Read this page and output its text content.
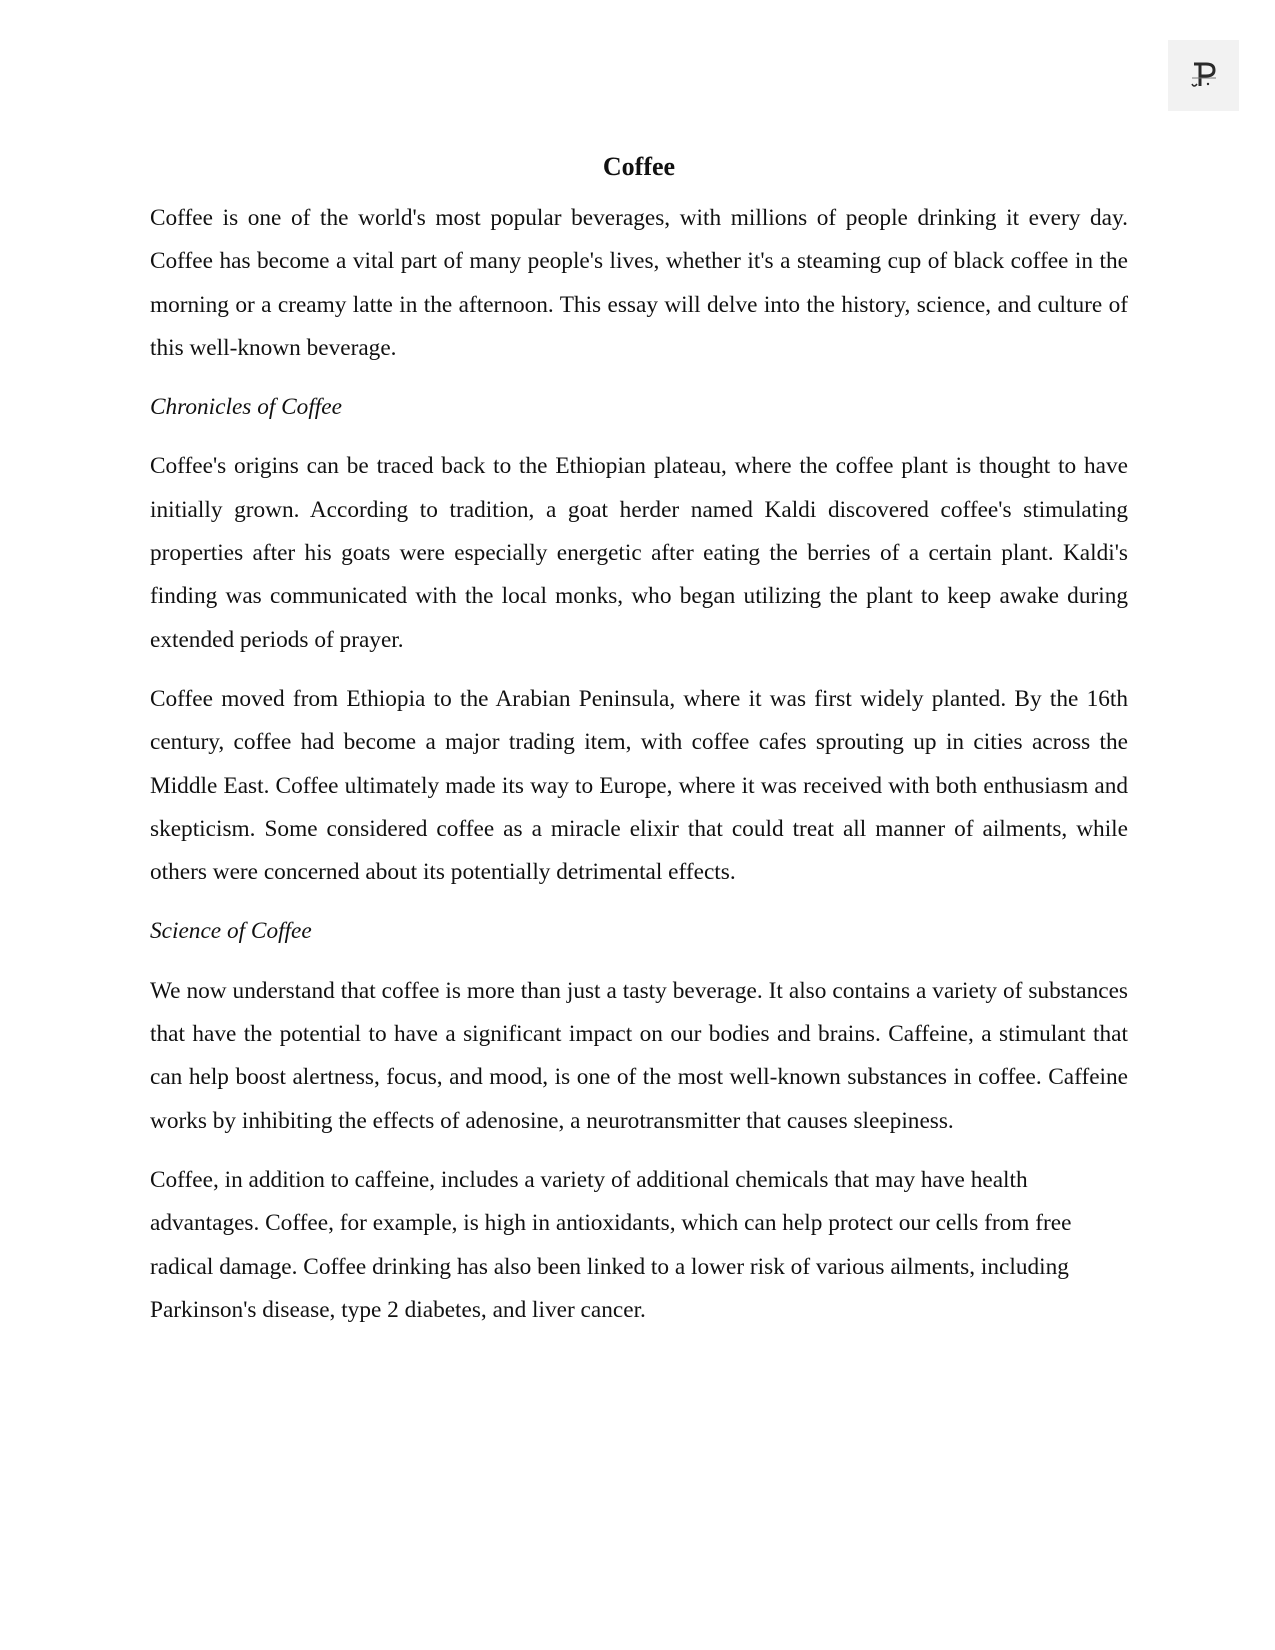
Coffee

Coffee is one of the world's most popular beverages, with millions of people drinking it every day. Coffee has become a vital part of many people's lives, whether it's a steaming cup of black coffee in the morning or a creamy latte in the afternoon. This essay will delve into the history, science, and culture of this well-known beverage.

Chronicles of Coffee

Coffee's origins can be traced back to the Ethiopian plateau, where the coffee plant is thought to have initially grown. According to tradition, a goat herder named Kaldi discovered coffee's stimulating properties after his goats were especially energetic after eating the berries of a certain plant. Kaldi's finding was communicated with the local monks, who began utilizing the plant to keep awake during extended periods of prayer.

Coffee moved from Ethiopia to the Arabian Peninsula, where it was first widely planted. By the 16th century, coffee had become a major trading item, with coffee cafes sprouting up in cities across the Middle East. Coffee ultimately made its way to Europe, where it was received with both enthusiasm and skepticism. Some considered coffee as a miracle elixir that could treat all manner of ailments, while others were concerned about its potentially detrimental effects.

Science of Coffee

We now understand that coffee is more than just a tasty beverage. It also contains a variety of substances that have the potential to have a significant impact on our bodies and brains. Caffeine, a stimulant that can help boost alertness, focus, and mood, is one of the most well-known substances in coffee. Caffeine works by inhibiting the effects of adenosine, a neurotransmitter that causes sleepiness.

Coffee, in addition to caffeine, includes a variety of additional chemicals that may have health advantages. Coffee, for example, is high in antioxidants, which can help protect our cells from free radical damage. Coffee drinking has also been linked to a lower risk of various ailments, including Parkinson's disease, type 2 diabetes, and liver cancer.
